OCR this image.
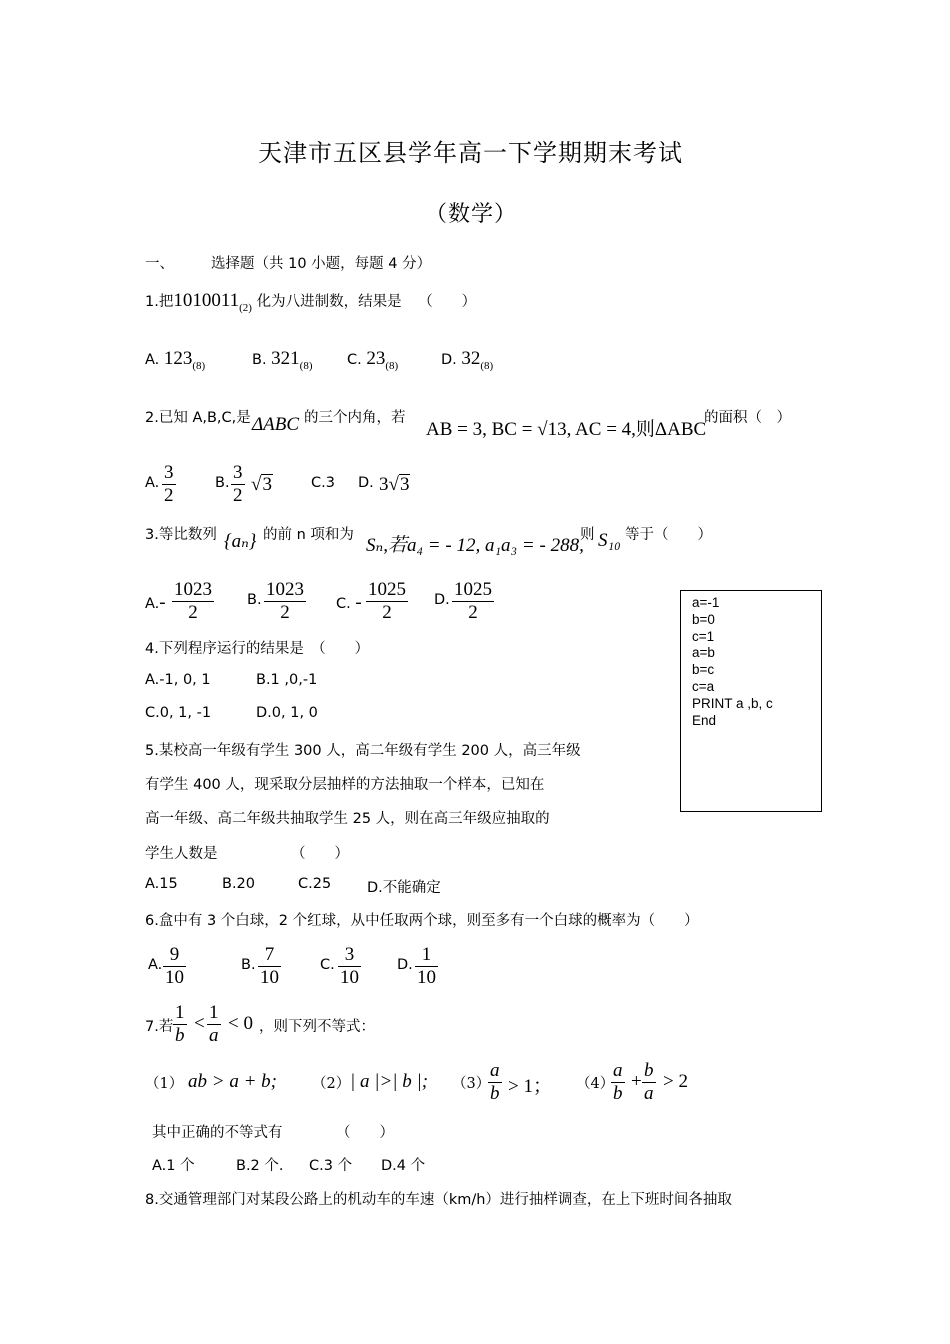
天津市五区县学年高一下学期期末考试
（数学）
一、	选择题（共 10 小题，每题 4 分）
1.把$1010011_{(2)}$ 化为八进制数，结果是 （　　）
A. $123_{(8)}$	B. $321_{(8)}$ C. $23_{(8)}$	D. $32_{(8)}$
2.已知 A,B,C,是 ΔABC 的三个内角，若
AB = 3, BC = √13, AC = 4,则ΔABC
的面积（　）
A. $\frac{3}{2}$	B. $\frac{3}{2} √3$	C.3 D. 3√3
3.等比数列 {aₙ} 的前 n 项和为 Sₙ,若a₄ = - 12, a₁a₃ = - 288,
则 S₁₀ 等于（　　）
$A.- \frac{1023}{2} B$. $\frac{1023}{2} C$. - $\frac{1025}{2} D$. $\frac{1025}{2}$	a=-1
b=0
c=1
a=b
b=c
c=a
PRINT a ,b, c
End
4.下列程序运行的结果是　（　　）
A.-1, 0, 1	B.1 ,0,-1
C.0, 1, -1	D.0, 1, 0
5.某校高一年级有学生 300 人，高二年级有学生 200 人，高三年级
有学生 400 人，现采取分层抽样的方法抽取一个样本，已知在
高一年级、高二年级共抽取学生 25 人，则在高三年级应抽取的
学生人数是	（　　）
A.15	B.20	C.25 D.不能确定
6.盒中有 3 个白球，2 个红球，从中任取两个球，则至多有一个白球的概率为（　　）
A. $\frac{9}{10}$	B. $\frac{7}{10}$	C. $\frac{3}{10} D$. $\frac{1}{10}$
7.若 $\frac{1}{b} < \frac{1}{a} < 0$ ，则下列不等式：
（1） ab > a + b; （2） | a |>| b |; （3）
$\frac{a}{b} > 1$； （4）
$\frac{a}{b} + \frac{b}{a} > 2$
其中正确的不等式有	（　　）
A.1 个	B.2 个. C.3 个 D.4 个
8.交通管理部门对某段公路上的机动车的车速（km/h）进行抽样调查，在上下班时间各抽取
